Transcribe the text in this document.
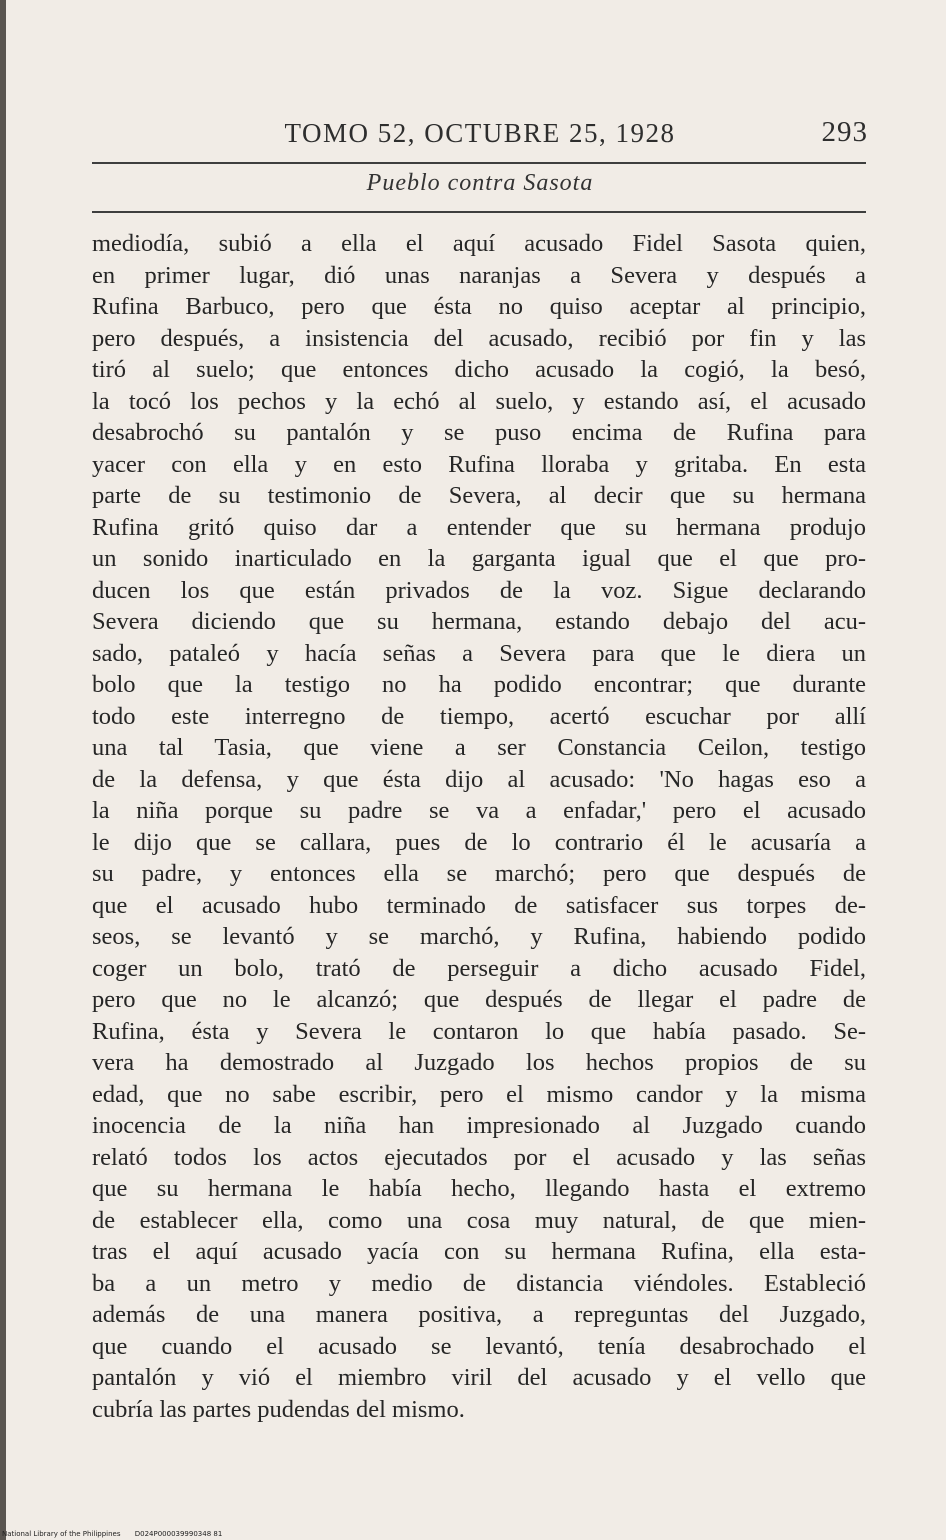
TOMO 52, OCTUBRE 25, 1928	293
Pueblo contra Sasota
mediodía, subió a ella el aquí acusado Fidel Sasota quien,
en primer lugar, dió unas naranjas a Severa y después a
Rufina Barbuco, pero que ésta no quiso aceptar al principio,
pero después, a insistencia del acusado, recibió por fin y las
tiró al suelo; que entonces dicho acusado la cogió, la besó,
la tocó los pechos y la echó al suelo, y estando así, el acusado
desabrochó su pantalón y se puso encima de Rufina para
yacer con ella y en esto Rufina lloraba y gritaba. En esta
parte de su testimonio de Severa, al decir que su hermana
Rufina gritó quiso dar a entender que su hermana produjo
un sonido inarticulado en la garganta igual que el que pro-
ducen los que están privados de la voz. Sigue declarando
Severa diciendo que su hermana, estando debajo del acu-
sado, pataleó y hacía señas a Severa para que le diera un
bolo que la testigo no ha podido encontrar; que durante
todo este interregno de tiempo, acertó escuchar por allí
una tal Tasia, que viene a ser Constancia Ceilon, testigo
de la defensa, y que ésta dijo al acusado: 'No hagas eso a
la niña porque su padre se va a enfadar,' pero el acusado
le dijo que se callara, pues de lo contrario él le acusaría a
su padre, y entonces ella se marchó; pero que después de
que el acusado hubo terminado de satisfacer sus torpes de-
seos, se levantó y se marchó, y Rufina, habiendo podido
coger un bolo, trató de perseguir a dicho acusado Fidel,
pero que no le alcanzó; que después de llegar el padre de
Rufina, ésta y Severa le contaron lo que había pasado. Se-
vera ha demostrado al Juzgado los hechos propios de su
edad, que no sabe escribir, pero el mismo candor y la misma
inocencia de la niña han impresionado al Juzgado cuando
relató todos los actos ejecutados por el acusado y las señas
que su hermana le había hecho, llegando hasta el extremo
de establecer ella, como una cosa muy natural, de que mien-
tras el aquí acusado yacía con su hermana Rufina, ella esta-
ba a un metro y medio de distancia viéndoles. Estableció
además de una manera positiva, a repreguntas del Juzgado,
que cuando el acusado se levantó, tenía desabrochado el
pantalón y vió el miembro viril del acusado y el vello que
cubría las partes pudendas del mismo.
National Library of the Philippines D024P000039990348 81
